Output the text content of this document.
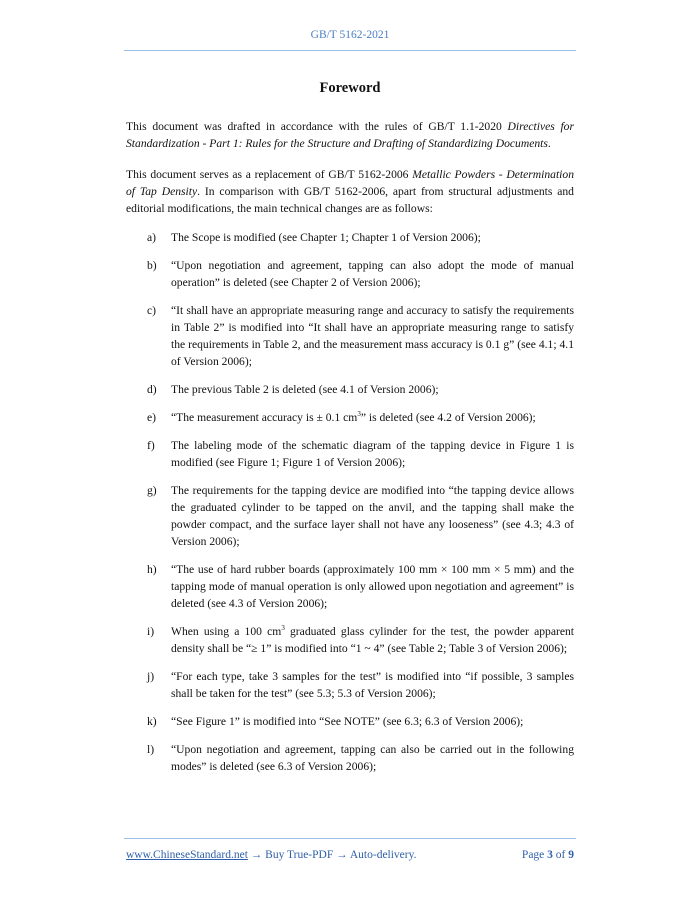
GB/T 5162-2021
Foreword

This document was drafted in accordance with the rules of GB/T 1.1-2020 Directives for Standardization - Part 1: Rules for the Structure and Drafting of Standardizing Documents.

This document serves as a replacement of GB/T 5162-2006 Metallic Powders - Determination of Tap Density. In comparison with GB/T 5162-2006, apart from structural adjustments and editorial modifications, the main technical changes are as follows:

a)	The Scope is modified (see Chapter 1; Chapter 1 of Version 2006);
b)	“Upon negotiation and agreement, tapping can also adopt the mode of manual operation” is deleted (see Chapter 2 of Version 2006);
c)	“It shall have an appropriate measuring range and accuracy to satisfy the requirements in Table 2” is modified into “It shall have an appropriate measuring range to satisfy the requirements in Table 2, and the measurement mass accuracy is 0.1 g” (see 4.1; 4.1 of Version 2006);
d)	The previous Table 2 is deleted (see 4.1 of Version 2006);
e)	“The measurement accuracy is ± 0.1 $cm^3$” is deleted (see 4.2 of Version 2006);
f)	The labeling mode of the schematic diagram of the tapping device in Figure 1 is modified (see Figure 1; Figure 1 of Version 2006);
g)	The requirements for the tapping device are modified into “the tapping device allows the graduated cylinder to be tapped on the anvil, and the tapping shall make the powder compact, and the surface layer shall not have any looseness” (see 4.3; 4.3 of Version 2006);
h)	“The use of hard rubber boards (approximately 100 mm × 100 mm × 5 mm) and the tapping mode of manual operation is only allowed upon negotiation and agreement” is deleted (see 4.3 of Version 2006);
i)	When using a 100 $cm^3$ graduated glass cylinder for the test, the powder apparent density shall be “≥ 1” is modified into “1 ~ 4” (see Table 2; Table 3 of Version 2006);
j)	“For each type, take 3 samples for the test” is modified into “if possible, 3 samples shall be taken for the test” (see 5.3; 5.3 of Version 2006);
k)	“See Figure 1” is modified into “See NOTE” (see 6.3; 6.3 of Version 2006);
l)	“Upon negotiation and agreement, tapping can also be carried out in the following modes” is deleted (see 6.3 of Version 2006);
www.ChineseStandard.net → Buy True-PDF → Auto-delivery.	Page 3 of 9
